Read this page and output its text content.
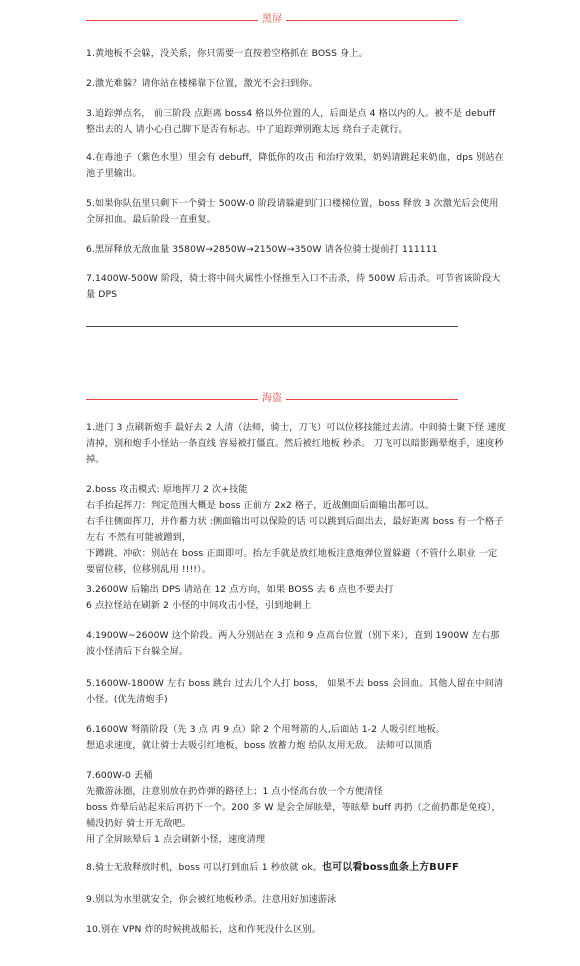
黑屏
1.黄地板不会躲，没关系，你只需要一直按着空格抓在 BOSS 身上。
2.激光难躲？请你站在楼梯靠下位置，激光不会扫到你。
3.追踪弹点名， 前三阶段 点距离 boss4 格以外位置的人，后面是点 4 格以内的人。被不是 debuff 整出去的人 请小心自己脚下是否有标志。中了追踪弹别跑太远 绕台子走就行。
4.在毒池子（紫色水里）里会有 debuff，降低你的攻击 和治疗效果，奶妈请跳起来奶血，dps 别站在池子里输出。
5.如果你队伍里只剩下一个骑士 500W-0 阶段请躲避到门口楼梯位置，boss 释放 3 次激光后会使用全屏扣血。最后阶段一直重复。
6.黑屏释放无敌血量 3580W→2850W→2150W→350W 请各位骑士提前打 111111
7.1400W-500W 阶段，骑士将中间火属性小怪推至入口不击杀，待 500W 后击杀。可节省该阶段大量 DPS
海盗
1.进门 3 点刷新炮手 最好去 2 人清（法师，骑士，刀飞）可以位移技能过去清。中间骑士聚下怪 速度清掉，别和炮手小怪站一条直线 容易被打僵直。然后被红地板 秒杀。 刀飞可以暗影踢晕炮手，速度秒掉。
2.boss 攻击模式: 原地挥刀 2 次+技能
右手抬起挥刀：判定范围大概是 boss 正前方 2x2 格子，近战侧面后面输出都可以。
右手往侧面挥刀，并作蓄力状 :侧面输出可以保险的话 可以跳到后面出去，最好距离 boss 有一个格子左右 不然有可能被蹭到，
下蹲跳、冲砍：别站在 boss 正面即可。抬左手就是放红地板注意炮弹位置躲避（不管什么职业 一定要留位移，位移别乱用 !!!!）。
3.2600W 后输出 DPS 请站在 12 点方向，如果 BOSS 去 6 点也不要去打
6 点拉怪站在刷新 2 小怪的中间攻击小怪，引到地刺上
4.1900W~2600W 这个阶段。两人分别站在 3 点和 9 点高台位置（别下来），直到 1900W 左右那波小怪清后下台躲全屏。
5.1600W-1800W 左右 boss 跳台 过去几个人打 boss， 如果不去 boss 会回血。其他人留在中间清小怪。(优先清炮手)
6.1600W 弩箭阶段（先 3 点 再 9 点）除 2 个用弩箭的人,后面站 1-2 人吸引红地板。
想追求速度，就让骑士去吸引红地板，boss 放蓄力炮 给队友用无敌。 法师可以顶盾
7.600W-0 丢桶
先撒游泳圈，注意别放在扔炸弹的路径上；1 点小怪高台放一个方便清怪
boss 炸晕后站起来后再扔下一个。200 多 W 是会全屏眩晕，等眩晕 buff 再扔（之前扔都是免疫），桶没扔好 骑士开无敌吧。
用了全屏眩晕后 1 点会刷新小怪，速度清理
8.骑士无敌释放时机，boss 可以打到血后 1 秒放就 ok。也可以看boss血条上方BUFF
9.别以为水里就安全，你会被红地板秒杀。注意用好加速游泳
10.别在 VPN 炸的时候挑战船长，这和作死没什么区别。
